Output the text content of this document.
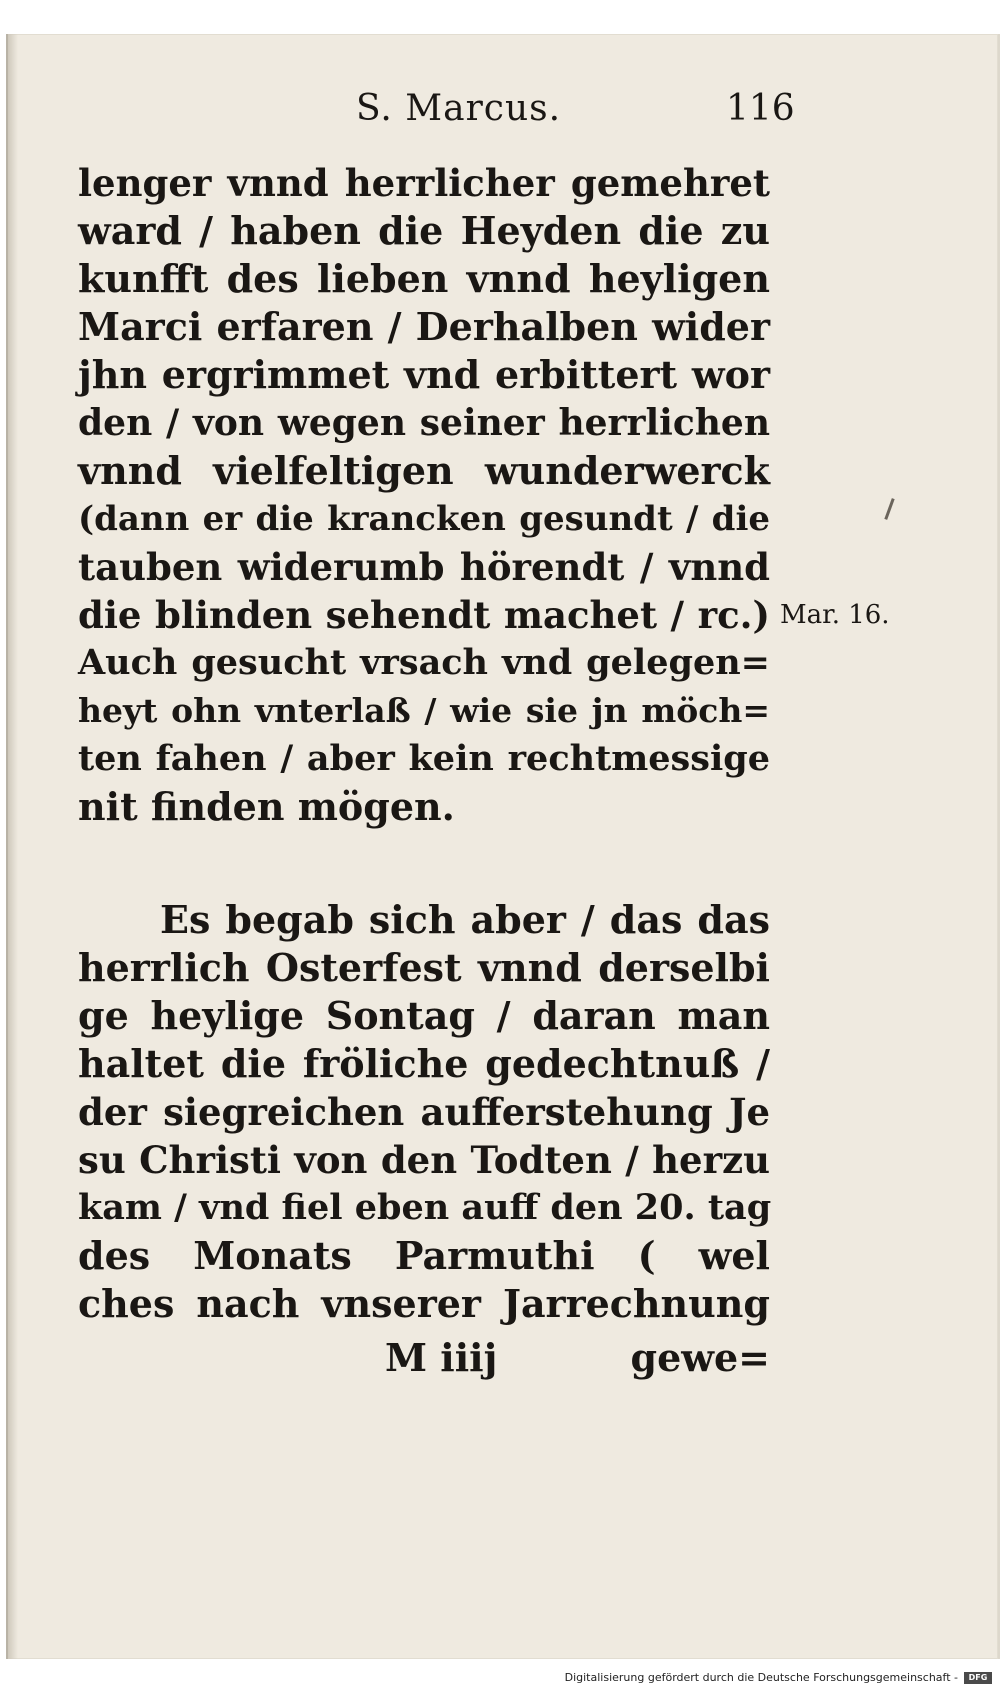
S. Marcus.	116
lenger vnnd herrlicher gemehret
ward / haben die Heyden die zu
kunfft des lieben vnnd heyligen
Marci erfaren / Derhalben wider
jhn ergrimmet vnd erbittert wor
den / von wegen seiner herrlichen
vnnd vielfeltigen wunderwerck
(dann er die krancken gesundt / die
tauben widerumb hörendt / vnnd
die blinden sehendt machet / rc.)
Auch gesucht vrsach vnd gelegen=
heyt ohn vnterlaß / wie sie jn möch=
ten fahen / aber kein rechtmessige
nit finden mögen.
Mar. 16.
Es begab sich aber / das das
herrlich Osterfest vnnd derselbi
ge heylige Sontag / daran man
haltet die fröliche gedechtnuß /
der siegreichen aufferstehung Je
su Christi von den Todten / herzu
kam / vnd fiel eben auff den 20. tag
des Monats Parmuthi ( wel
ches nach vnserer Jarrechnung
M iiij	gewe=
Digitalisierung gefördert durch die Deutsche Forschungsgemeinschaft -	DFG
